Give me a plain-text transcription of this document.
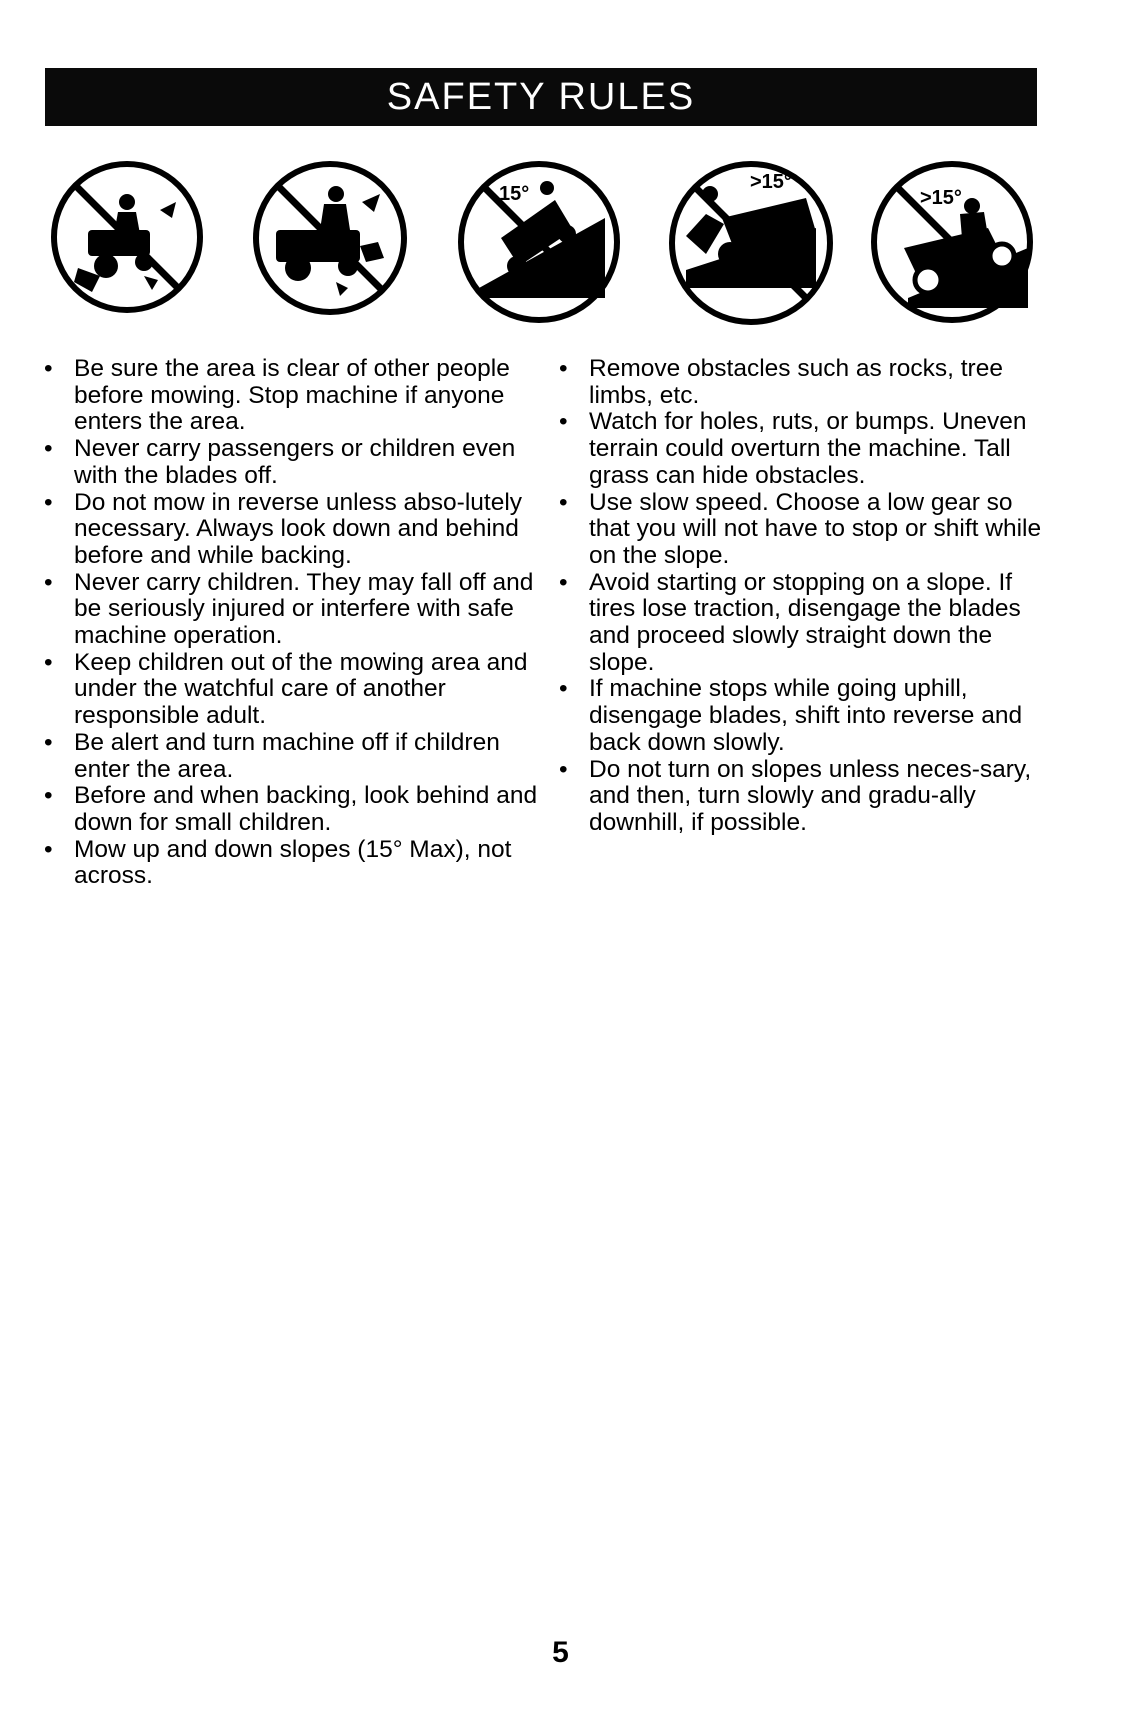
SAFETY RULES
15°
>15°
>15°
• Be sure the area is clear of other people before mowing. Stop machine if anyone enters the area.
• Never carry passengers or children even with the blades off.
• Do not mow in reverse unless abso-lutely necessary. Always look down and behind before and while backing.
• Never carry children. They may fall off and be seriously injured or interfere with safe machine operation.
• Keep children out of the mowing area and under the watchful care of another responsible adult.
• Be alert and turn machine off if children enter the area.
• Before and when backing, look behind and down for small children.
• Mow up and down slopes (15° Max), not across.
• Remove obstacles such as rocks, tree limbs, etc.
• Watch for holes, ruts, or bumps. Uneven terrain could overturn the machine. Tall grass can hide obstacles.
• Use slow speed. Choose a low gear so that you will not have to stop or shift while on the slope.
• Avoid starting or stopping on a slope. If tires lose traction, disengage the blades and proceed slowly straight down the slope.
• If machine stops while going uphill, disengage blades, shift into reverse and back down slowly.
• Do not turn on slopes unless neces-sary, and then, turn slowly and gradu-ally downhill, if possible.
5
